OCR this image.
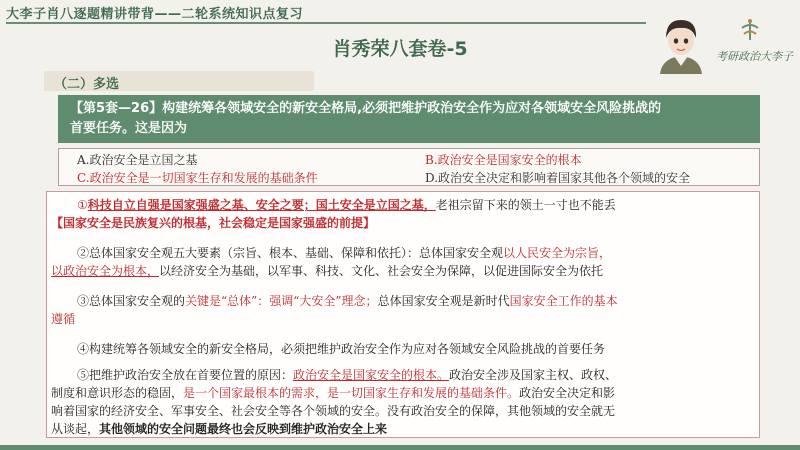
大李子肖八逐题精讲带背——二轮系统知识点复习
肖秀荣八套卷-5	考研政治大李子
（二）多选
【第5套—26】构建统筹各领域安全的新安全格局,必须把维护政治安全作为应对各领域安全风险挑战的
首要任务。这是因为
A.政治安全是立国之基	B.政治安全是国家安全的根本
C.政治安全是一切国家生存和发展的基础条件	D.政治安全决定和影响着国家其他各个领域的安全
①科技自立自强是国家强盛之基、安全之要；国土安全是立国之基，老祖宗留下来的领土一寸也不能丢
【国家安全是民族复兴的根基，社会稳定是国家强盛的前提】
②总体国家安全观五大要素（宗旨、根本、基础、保障和依托）：总体国家安全观以人民安全为宗旨，
以政治安全为根本，以经济安全为基础，以军事、科技、文化、社会安全为保障，以促进国际安全为依托
③总体国家安全观的关键是“总体”：强调“大安全”理念；总体国家安全观是新时代国家安全工作的基本
遵循
④构建统筹各领域安全的新安全格局，必须把维护政治安全作为应对各领域安全风险挑战的首要任务
⑤把维护政治安全放在首要位置的原因：政治安全是国家安全的根本。政治安全涉及国家主权、政权、
制度和意识形态的稳固，是一个国家最根本的需求，是一切国家生存和发展的基础条件。政治安全决定和影
响着国家的经济安全、军事安全、社会安全等各个领域的安全。没有政治安全的保障，其他领域的安全就无
从谈起，其他领域的安全问题最终也会反映到维护政治安全上来
